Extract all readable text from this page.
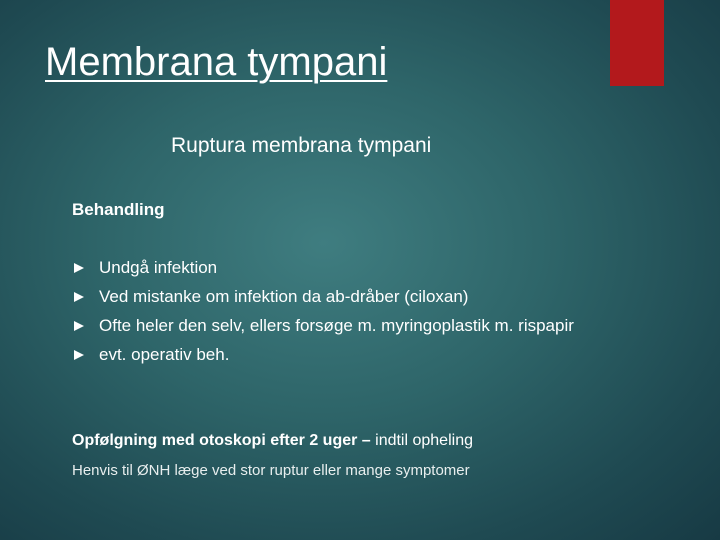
Membrana tympani
Ruptura membrana tympani
Behandling
Undgå infektion
Ved mistanke om infektion da ab-dråber (ciloxan)
Ofte heler den selv, ellers forsøge m. myringoplastik m. rispapir
evt. operativ beh.
Opfølgning med otoskopi efter 2 uger – indtil opheling
Henvis til ØNH læge ved stor ruptur eller mange symptomer
